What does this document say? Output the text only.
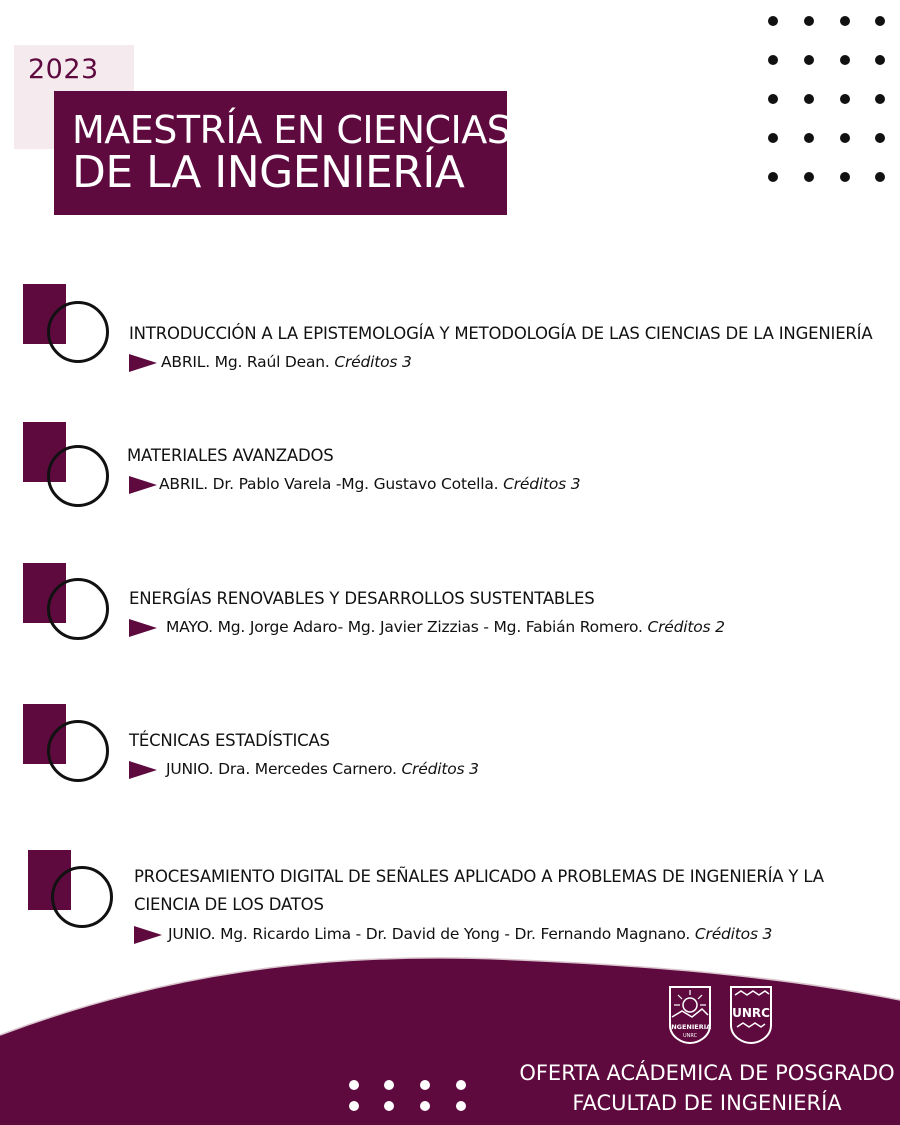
2023
MAESTRÍA EN CIENCIAS
DE LA INGENIERÍA
INTRODUCCIÓN A LA EPISTEMOLOGÍA Y METODOLOGÍA DE LAS CIENCIAS DE LA INGENIERÍA
ABRIL. Mg. Raúl Dean. Créditos 3
MATERIALES AVANZADOS
ABRIL. Dr. Pablo Varela -Mg. Gustavo Cotella. Créditos 3
ENERGÍAS RENOVABLES Y DESARROLLOS SUSTENTABLES
MAYO. Mg. Jorge Adaro- Mg. Javier Zizzias - Mg. Fabián Romero. Créditos 2
TÉCNICAS ESTADÍSTICAS
JUNIO. Dra. Mercedes Carnero. Créditos 3
PROCESAMIENTO DIGITAL DE SEÑALES APLICADO A PROBLEMAS DE INGENIERÍA Y LA CIENCIA DE LOS DATOS
JUNIO. Mg. Ricardo Lima - Dr. David de Yong - Dr. Fernando Magnano. Créditos 3
INGENIERIA
UNRC
UNRC
OFERTA ACÁDEMICA DE POSGRADO
FACULTAD DE INGENIERÍA
